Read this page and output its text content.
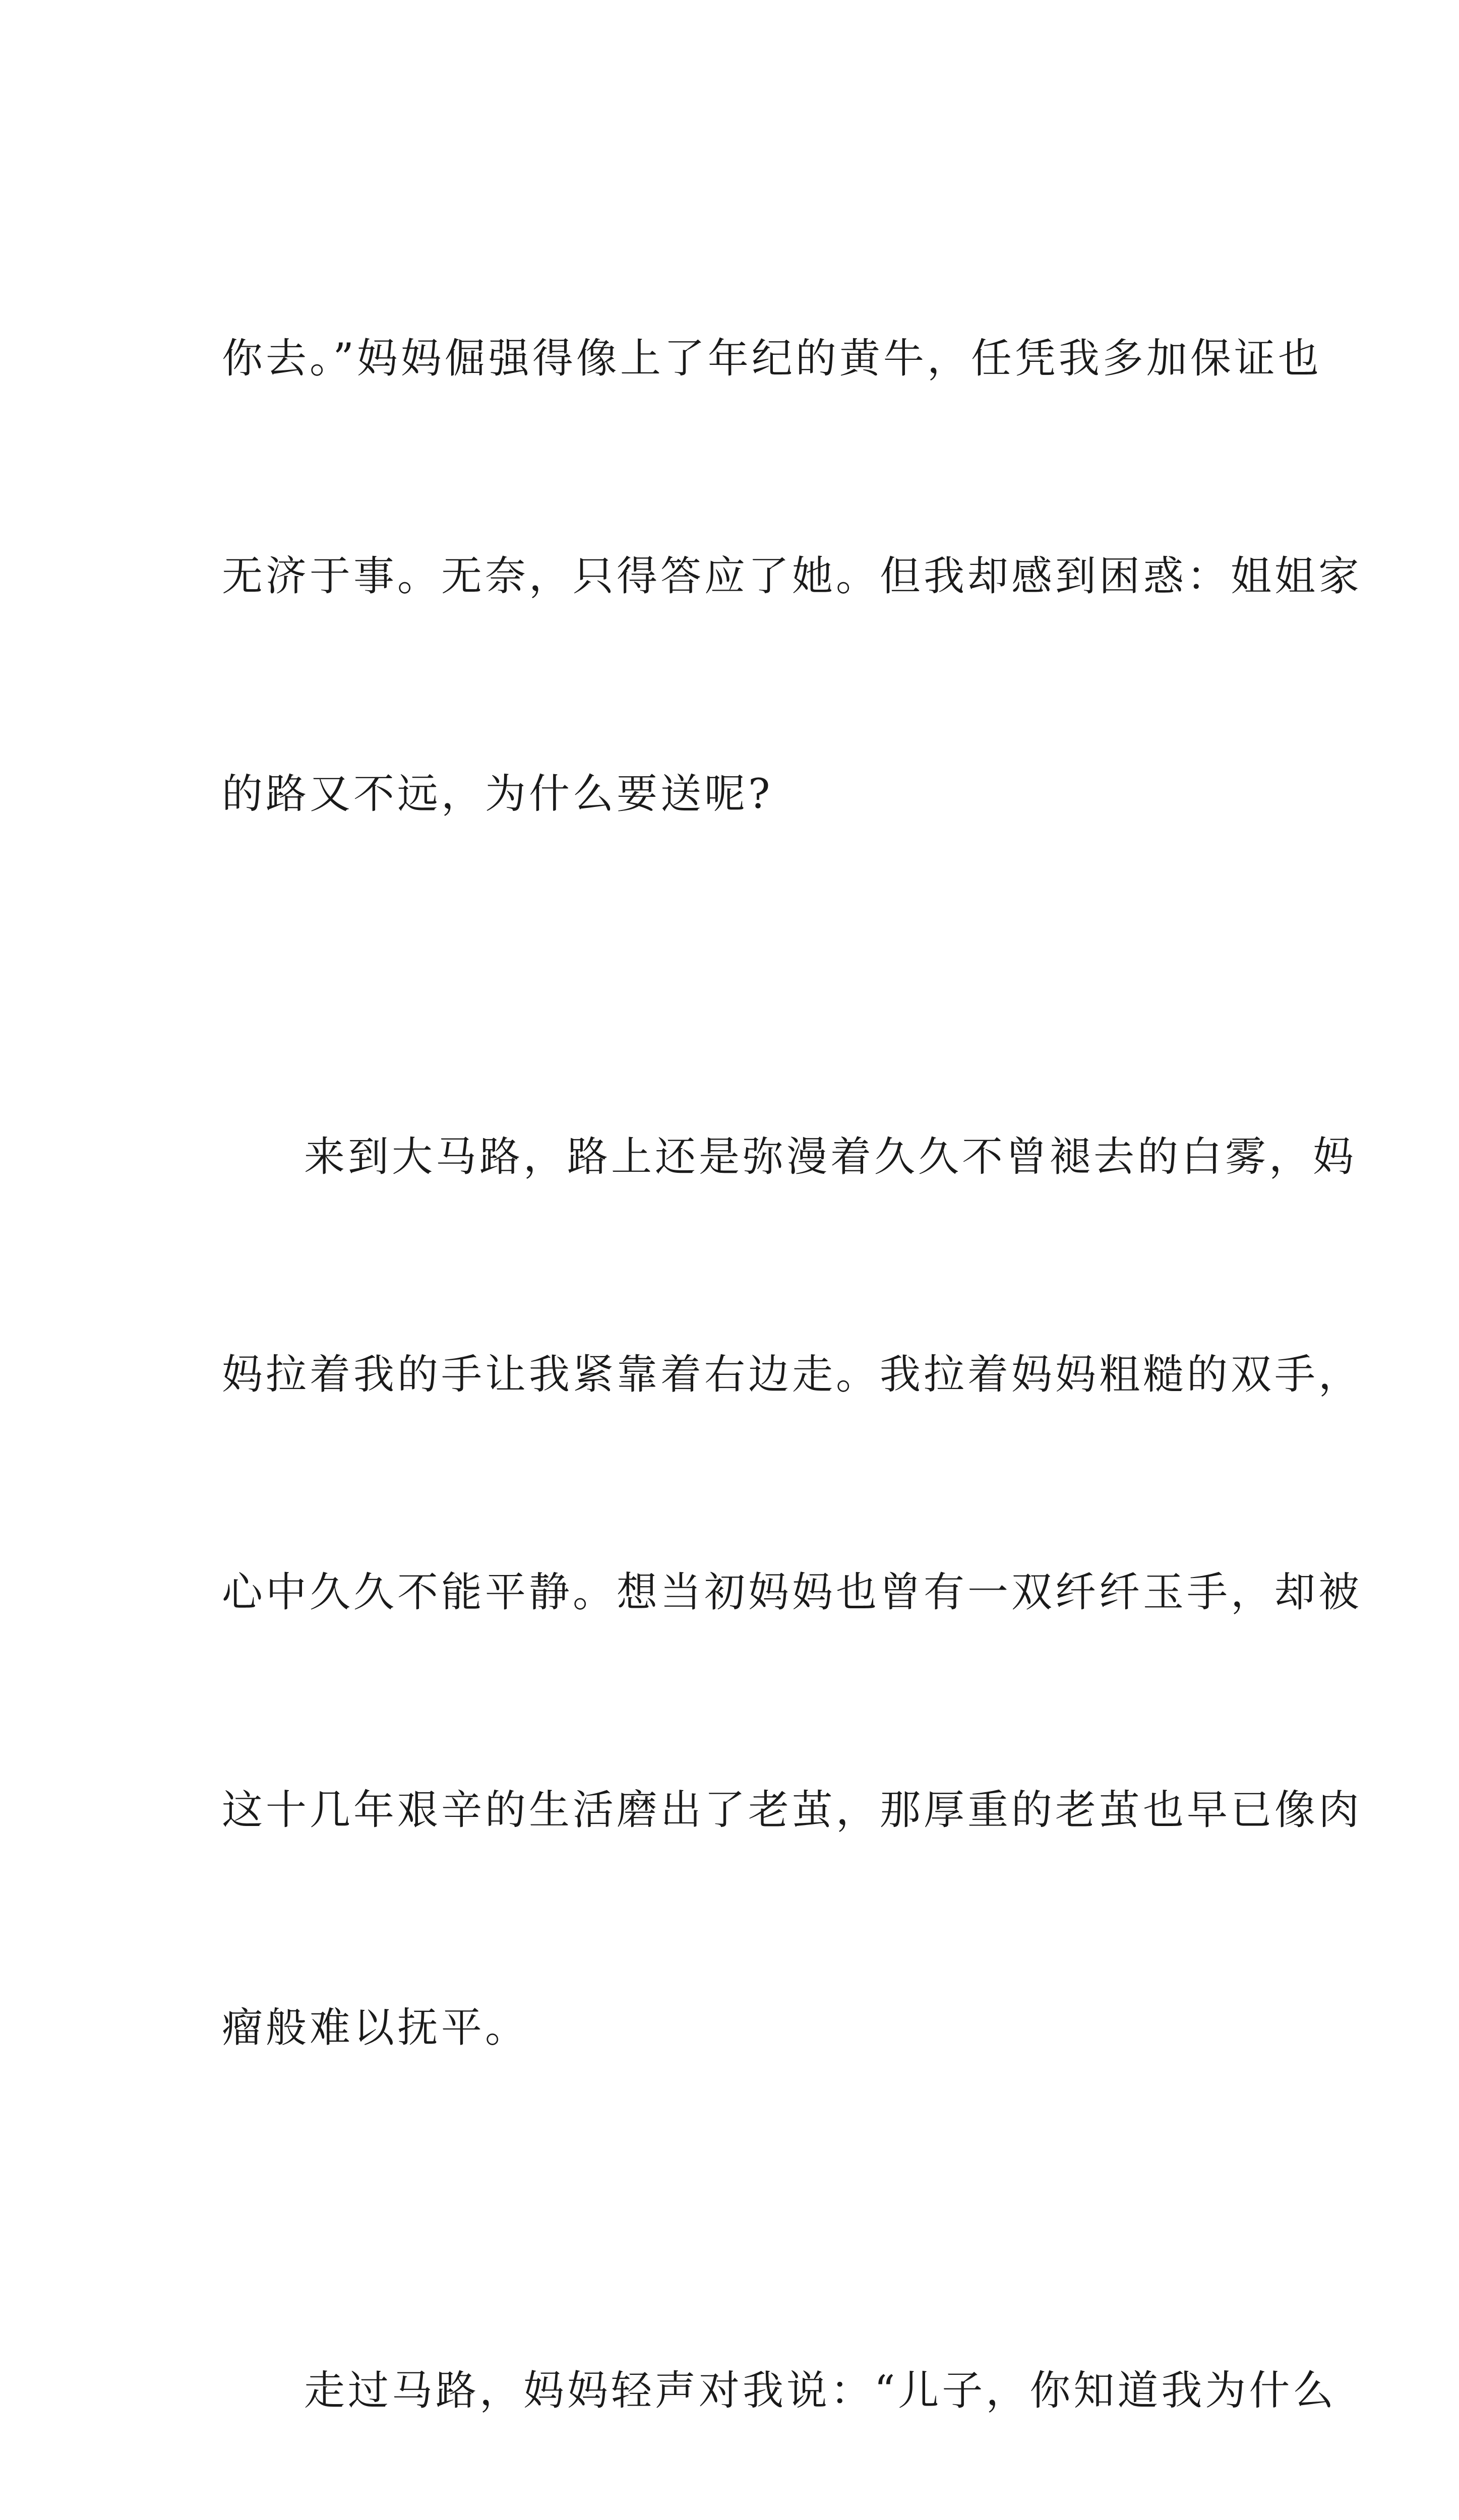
你去。”妈妈倔强得像上了年纪的黄牛，任凭我多加保证也

无济于事。无奈，只得答应了她。但我却感到困惑：姐姐家

的路又不远，为什么要送呢?

来到大马路，路上还是弥漫着久久不曾褪去的白雾，妈

妈拉着我的手让我紧靠着右边走。我拉着妈妈粗糙的双手，

心中久久不能平静。想当初妈妈也曾有一双纤纤玉手，却被

这十几年艰辛的生活磨出了老茧，那厚重的老茧也早已像肉

瘤般难以抚平。

走过马路，妈妈轻声对我说：“儿子，你知道我为什么
